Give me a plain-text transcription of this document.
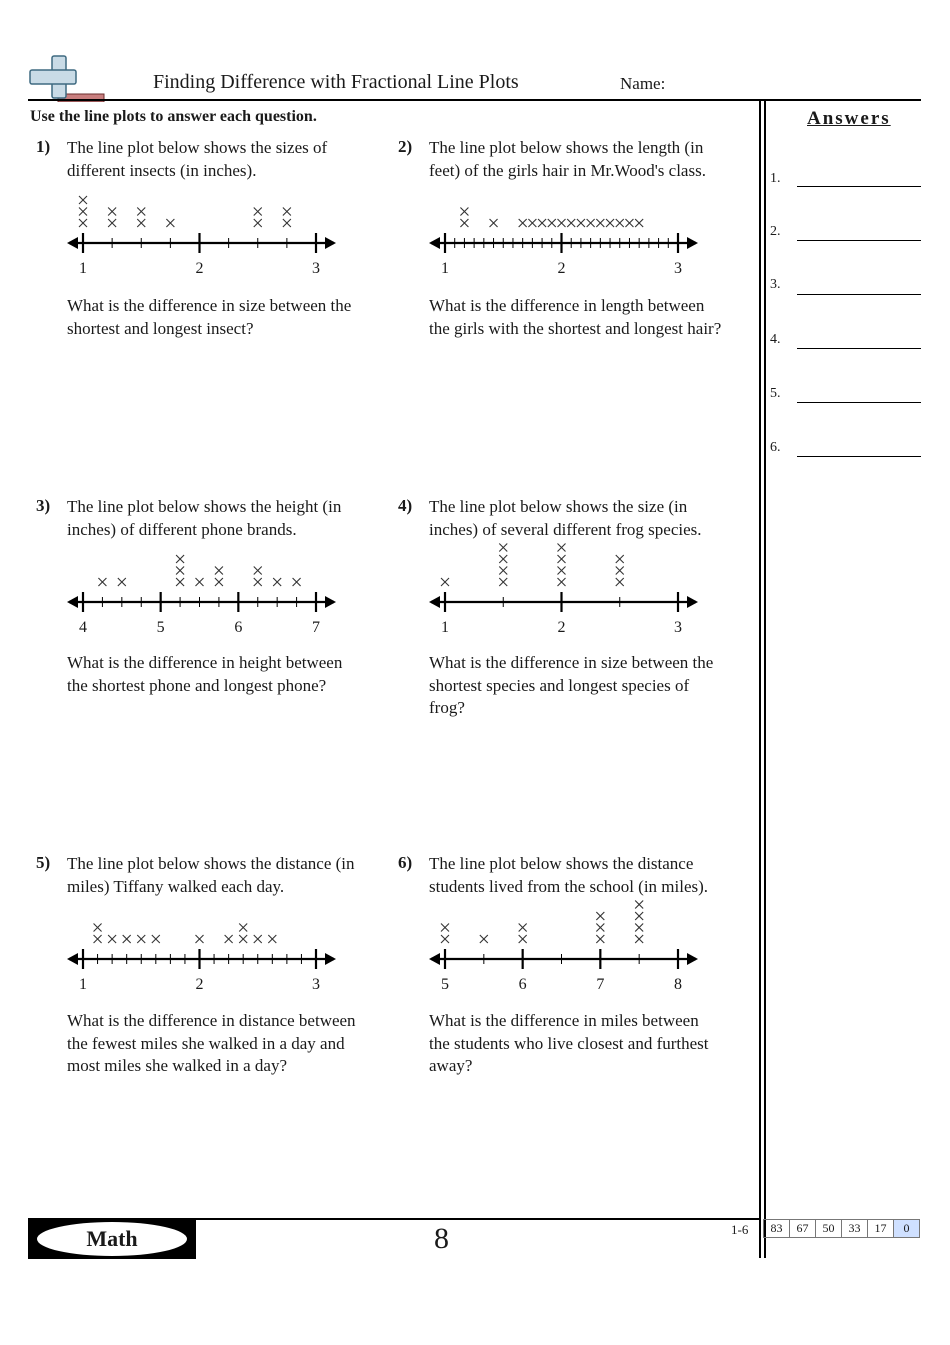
Finding Difference with Fractional Line Plots	Name:
Use the line plots to answer each question.	Answers
1.
2.
3.
4.
5.
6.
1) The line plot below shows the sizes of
different insects (in inches).
1	2	3
What is the difference in size between the
shortest and longest insect?
2) The line plot below shows the length (in
feet) of the girls hair in Mr.Wood's class.
1	2	3
What is the difference in length between
the girls with the shortest and longest hair?
3) The line plot below shows the height (in
inches) of different phone brands.
4	5	6	7
What is the difference in height between
the shortest phone and longest phone?
4) The line plot below shows the size (in
inches) of several different frog species.
1	2	3
What is the difference in size between the
shortest species and longest species of
frog?
5) The line plot below shows the distance (in
miles) Tiffany walked each day.
1	2	3
What is the difference in distance between
the fewest miles she walked in a day and
most miles she walked in a day?
6) The line plot below shows the distance
students lived from the school (in miles).
5	6	7	8
What is the difference in miles between
the students who live closest and furthest
away?
Math	8	1-6	83	67	50	33	17	0
